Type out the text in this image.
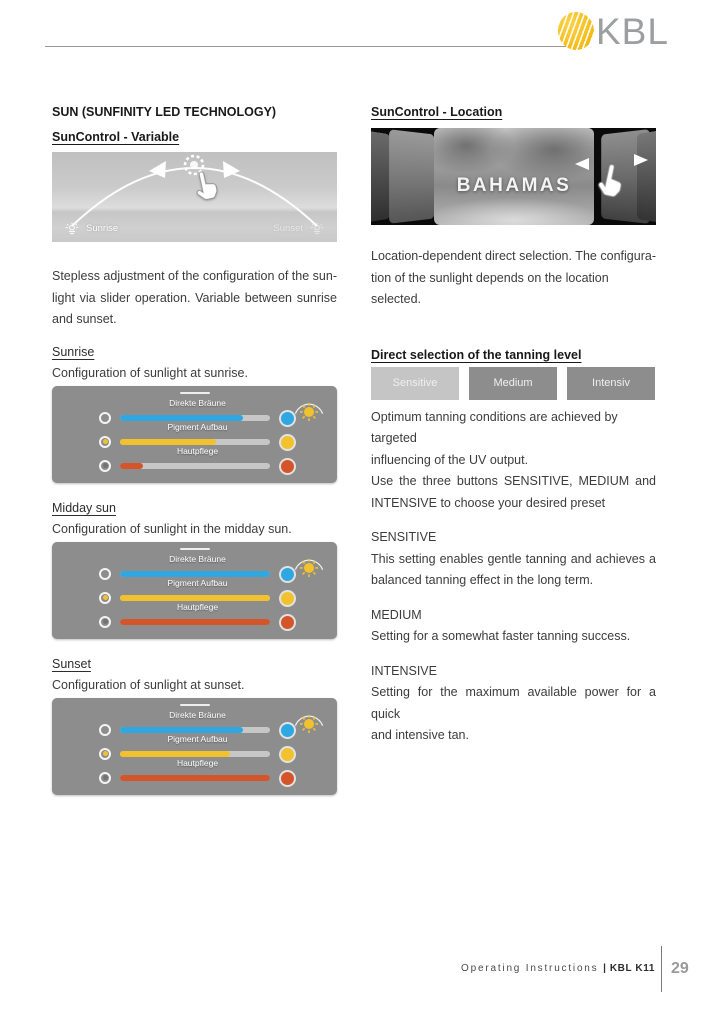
KBL
SUN (SUNFINITY LED TECHNOLOGY)
SunControl - Variable
Sunrise	Sunset
Stepless adjustment of the configuration of the sun-
light via slider operation. Variable between sunrise
and sunset.
Sunrise
Configuration of sunlight at sunrise.
Direkte Bräune
Pigment Aufbau
Hautpflege
Midday sun
Configuration of sunlight in the midday sun.
Direkte Bräune
Pigment Aufbau
Hautpflege
Sunset
Configuration of sunlight at sunset.
Direkte Bräune
Pigment Aufbau
Hautpflege
SunControl - Location
BAHAMAS
Location-dependent direct selection. The configura-
tion of the sunlight depends on the location selected.
Direct selection of the tanning level
Sensitive	Medium	Intensiv
Optimum tanning conditions are achieved by targeted
influencing of the UV output.
Use the three buttons SENSITIVE, MEDIUM and
INTENSIVE to choose your desired preset
SENSITIVE
This setting enables gentle tanning and achieves a
balanced tanning effect in the long term.
MEDIUM
Setting for a somewhat faster tanning success.
INTENSIVE
Setting for the maximum available power for a quick
and intensive tan.
Operating Instructions | KBL K11 29
